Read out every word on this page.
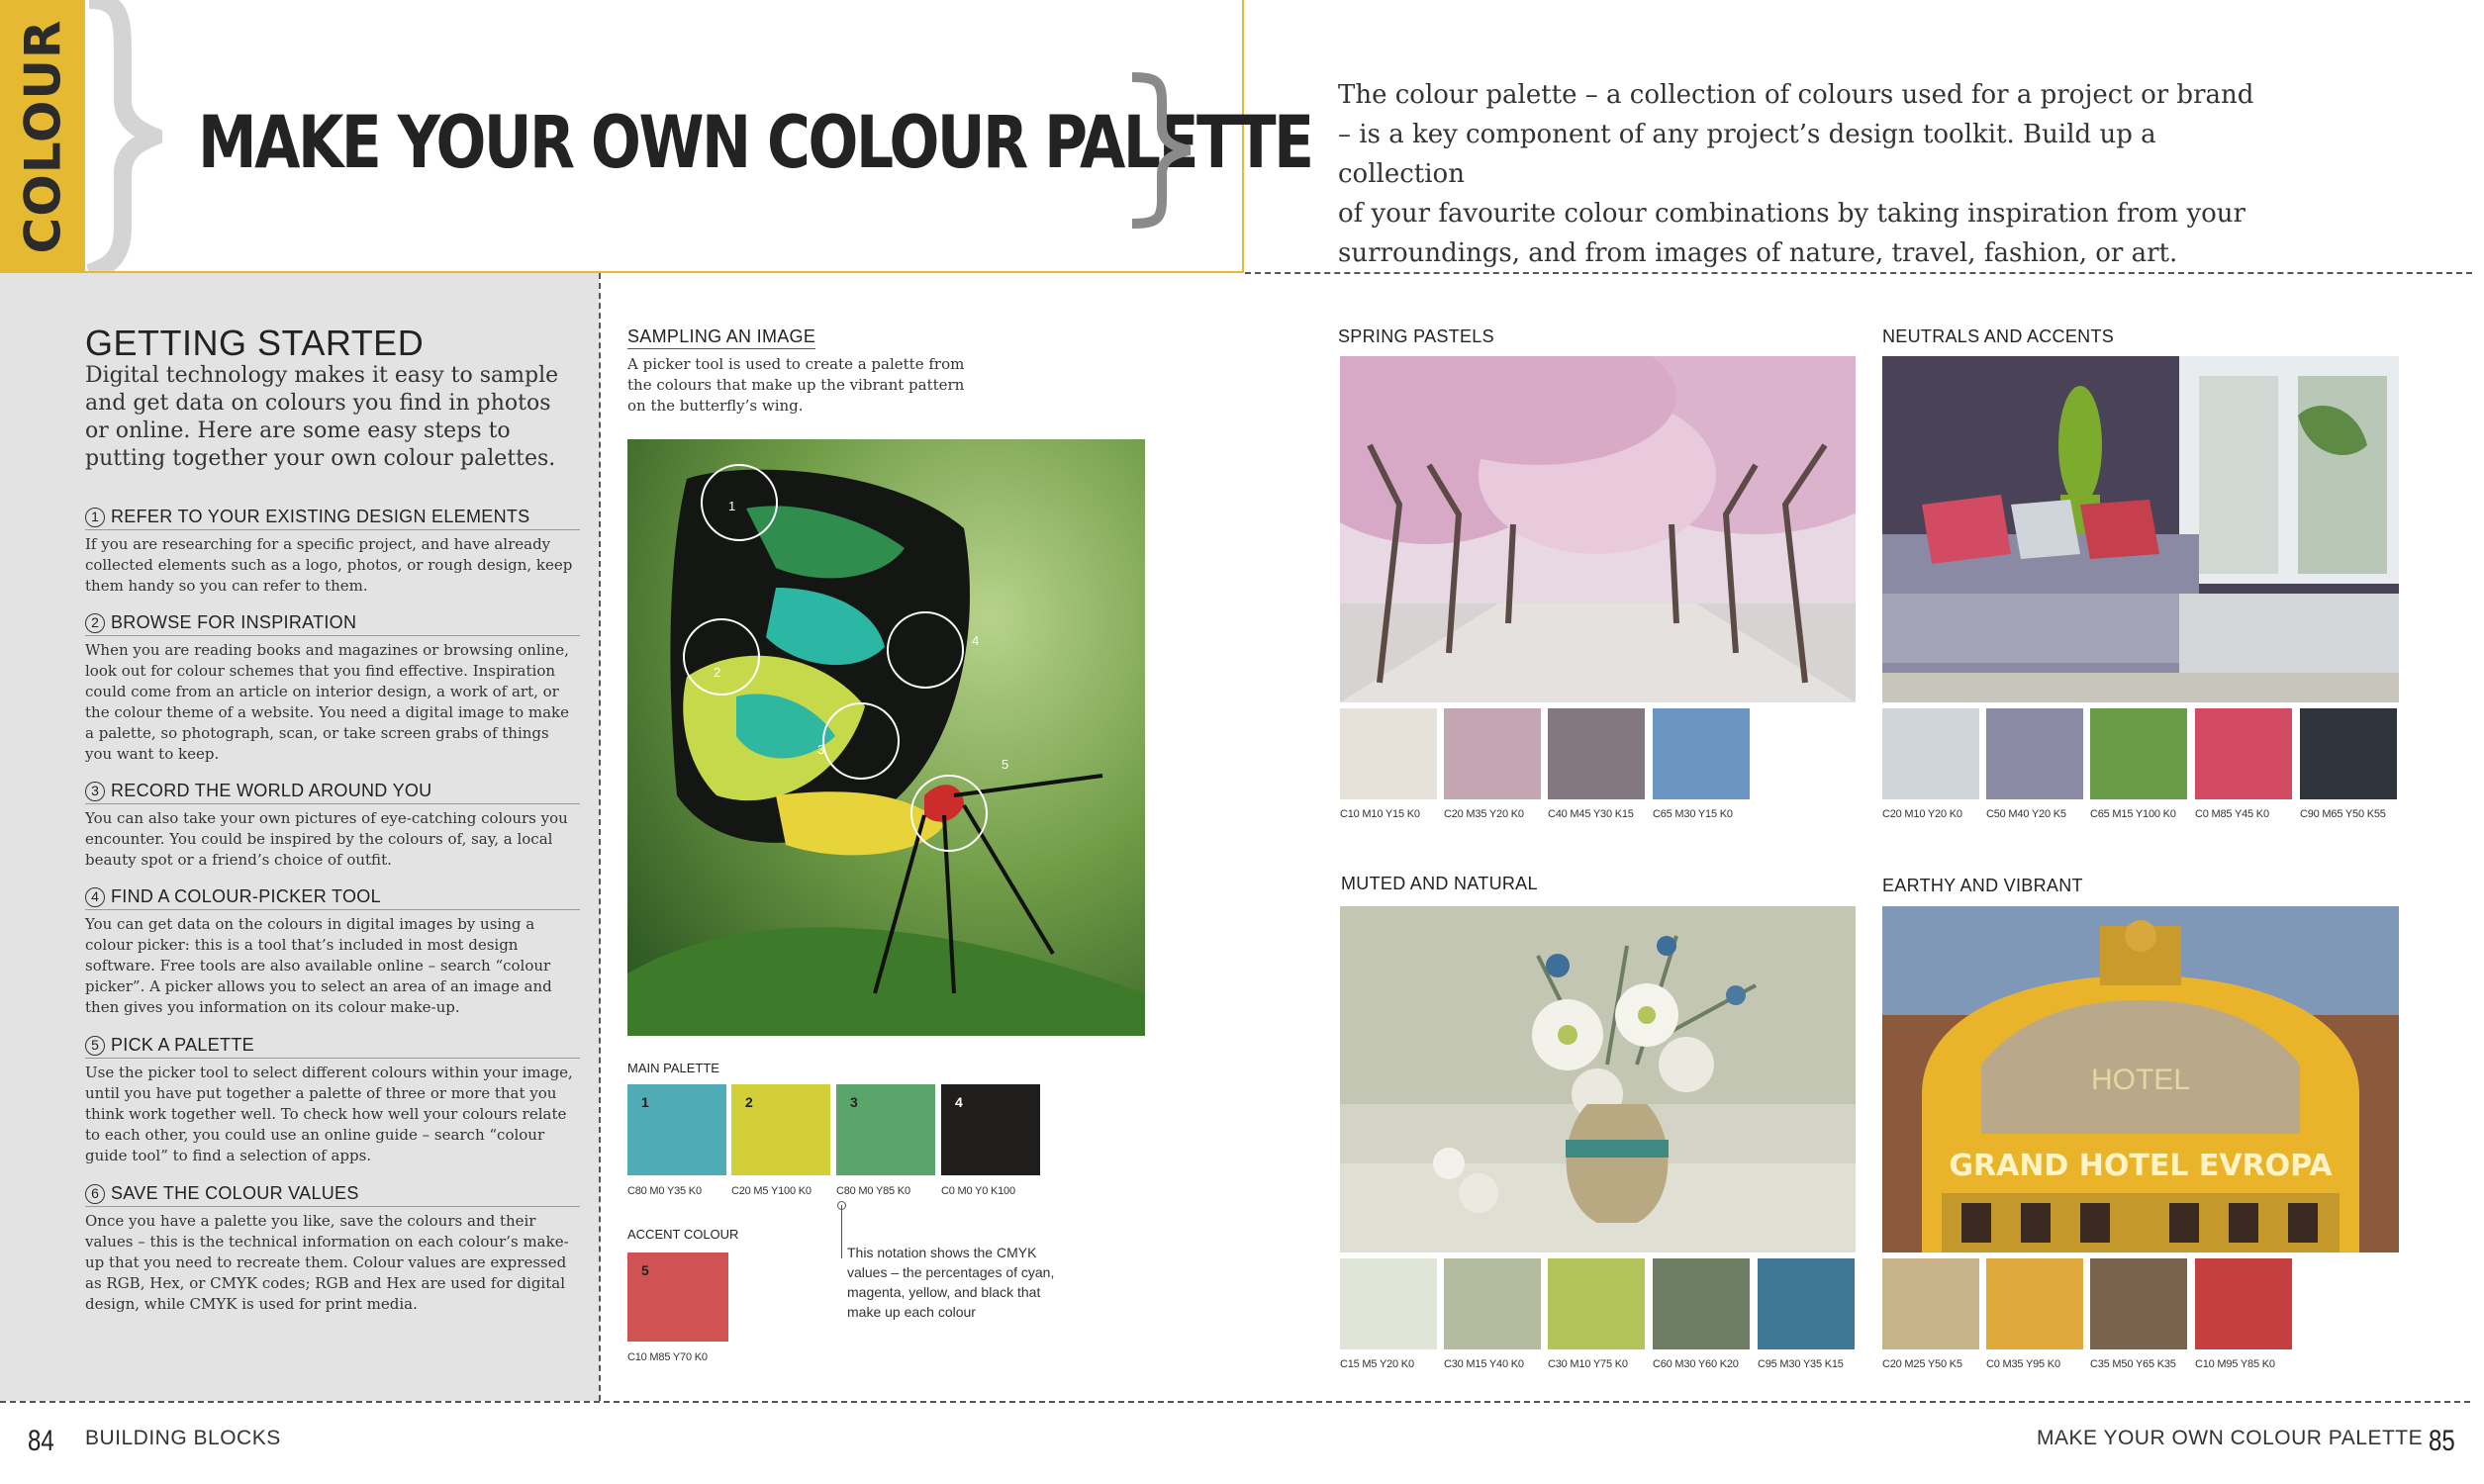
COLOUR MAKE YOUR OWN COLOUR PALETTE
The colour palette – a collection of colours used for a project or brand
– is a key component of any project’s design toolkit. Build up a collection
of your favourite colour combinations by taking inspiration from your
surroundings, and from images of nature, travel, fashion, or art.
GETTING STARTED
Digital technology makes it easy to sample and get data on colours you find in photos or online. Here are some easy steps to putting together your own colour palettes.
1 REFER TO YOUR EXISTING DESIGN ELEMENTS
If you are researching for a specific project, and have already collected elements such as a logo, photos, or rough design, keep them handy so you can refer to them.
2 BROWSE FOR INSPIRATION
When you are reading books and magazines or browsing online, look out for colour schemes that you find effective. Inspiration could come from an article on interior design, a work of art, or the colour theme of a website. You need a digital image to make a palette, so photograph, scan, or take screen grabs of things you want to keep.
3 RECORD THE WORLD AROUND YOU
You can also take your own pictures of eye-catching colours you encounter. You could be inspired by the colours of, say, a local beauty spot or a friend’s choice of outfit.
4 FIND A COLOUR-PICKER TOOL
You can get data on the colours in digital images by using a colour picker: this is a tool that’s included in most design software. Free tools are also available online – search “colour picker”. A picker allows you to select an area of an image and then gives you information on its colour make-up.
5 PICK A PALETTE
Use the picker tool to select different colours within your image, until you have put together a palette of three or more that you think work together well. To check how well your colours relate to each other, you could use an online guide – search “colour guide tool” to find a selection of apps.
6 SAVE THE COLOUR VALUES
Once you have a palette you like, save the colours and their values – this is the technical information on each colour’s make-up that you need to recreate them. Colour values are expressed as RGB, Hex, or CMYK codes; RGB and Hex are used for digital design, while CMYK is used for print media.
SAMPLING AN IMAGE
A picker tool is used to create a palette from the colours that make up the vibrant pattern on the butterfly’s wing.
1
2
3
4
5
MAIN PALETTE
1	2	3	4
C80 M0 Y35 K0	C20 M5 Y100 K0 C80 M0 Y85 K0	C0 M0 Y0 K100
ACCENT COLOUR
5
C10 M85 Y70 K0
This notation shows the CMYK values – the percentages of cyan, magenta, yellow, and black that make up each colour
SPRING PASTELS
C10 M10 Y15 K0 C20 M35 Y20 K0 C40 M45 Y30 K15 C65 M30 Y15 K0
NEUTRALS AND ACCENTS
C20 M10 Y20 K0 C50 M40 Y20 K5 C65 M15 Y100 K0 C0 M85 Y45 K0	C90 M65 Y50 K55
MUTED AND NATURAL
C15 M5 Y20 K0	C30 M15 Y40 K0 C30 M10 Y75 K0 C60 M30 Y60 K20 C95 M30 Y35 K15
EARTHY AND VIBRANT
HOTEL
GRAND HOTEL EVROPA
C20 M25 Y50 K5 C0 M35 Y95 K0	C35 M50 Y65 K35 C10 M95 Y85 K0
84 BUILDING BLOCKS	MAKE YOUR OWN COLOUR PALETTE 85
